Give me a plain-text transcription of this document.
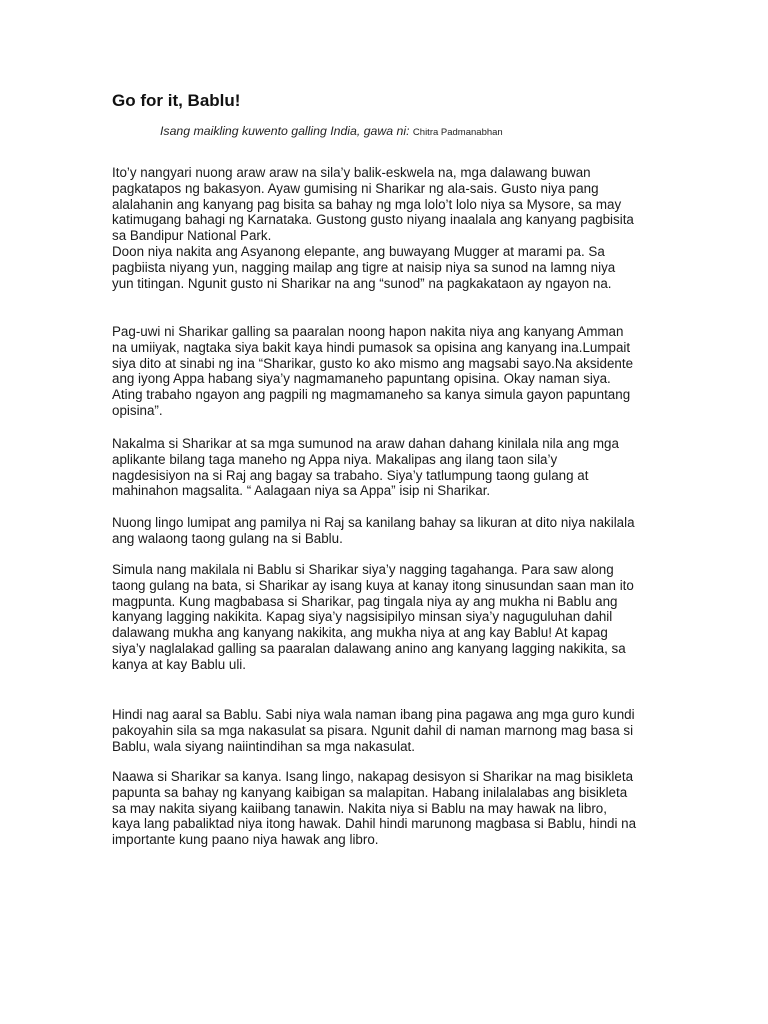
Go for it, Bablu!

Isang maikling kuwento galling India, gawa ni: Chitra Padmanabhan

Ito’y nangyari nuong araw araw na sila’y balik-eskwela na, mga dalawang buwan
pagkatapos ng bakasyon. Ayaw gumising ni Sharikar ng ala-sais. Gusto niya pang
alalahanin ang kanyang pag bisita sa bahay ng mga lolo’t lolo niya sa Mysore, sa may
katimugang bahagi ng Karnataka. Gustong gusto niyang inaalala ang kanyang pagbisita
sa Bandipur National Park.
Doon niya nakita ang Asyanong elepante, ang buwayang Mugger at marami pa. Sa
pagbiista niyang yun, nagging mailap ang tigre at naisip niya sa sunod na lamng niya
yun titingan. Ngunit gusto ni Sharikar na ang “sunod” na pagkakataon ay ngayon na.
Pag-uwi ni Sharikar galling sa paaralan noong hapon nakita niya ang kanyang Amman
na umiiyak, nagtaka siya bakit kaya hindi pumasok sa opisina ang kanyang ina.Lumpait
siya dito at sinabi ng ina “Sharikar, gusto ko ako mismo ang magsabi sayo.Na aksidente
ang iyong Appa habang siya’y nagmamaneho papuntang opisina. Okay naman siya.
Ating trabaho ngayon ang pagpili ng magmamaneho sa kanya simula gayon papuntang
opisina”.
Nakalma si Sharikar at sa mga sumunod na araw dahan dahang kinilala nila ang mga
aplikante bilang taga maneho ng Appa niya. Makalipas ang ilang taon sila’y
nagdesisiyon na si Raj ang bagay sa trabaho. Siya’y tatlumpung taong gulang at
mahinahon magsalita. “ Aalagaan niya sa Appa” isip ni Sharikar.
Nuong lingo lumipat ang pamilya ni Raj sa kanilang bahay sa likuran at dito niya nakilala
ang walaong taong gulang na si Bablu.
Simula nang makilala ni Bablu si Sharikar siya’y nagging tagahanga. Para saw along
taong gulang na bata, si Sharikar ay isang kuya at kanay itong sinusundan saan man ito
magpunta. Kung magbabasa si Sharikar, pag tingala niya ay ang mukha ni Bablu ang
kanyang lagging nakikita. Kapag siya’y nagsisipilyo minsan siya’y naguguluhan dahil
dalawang mukha ang kanyang nakikita, ang mukha niya at ang kay Bablu! At kapag
siya’y naglalakad galling sa paaralan dalawang anino ang kanyang lagging nakikita, sa
kanya at kay Bablu uli.
Hindi nag aaral sa Bablu. Sabi niya wala naman ibang pina pagawa ang mga guro kundi
pakoyahin sila sa mga nakasulat sa pisara. Ngunit dahil di naman marnong mag basa si
Bablu, wala siyang naiintindihan sa mga nakasulat.
Naawa si Sharikar sa kanya. Isang lingo, nakapag desisyon si Sharikar na mag bisikleta
papunta sa bahay ng kanyang kaibigan sa malapitan. Habang inilalalabas ang bisikleta
sa may nakita siyang kaiibang tanawin. Nakita niya si Bablu na may hawak na libro,
kaya lang pabaliktad niya itong hawak. Dahil hindi marunong magbasa si Bablu, hindi na
importante kung paano niya hawak ang libro.
